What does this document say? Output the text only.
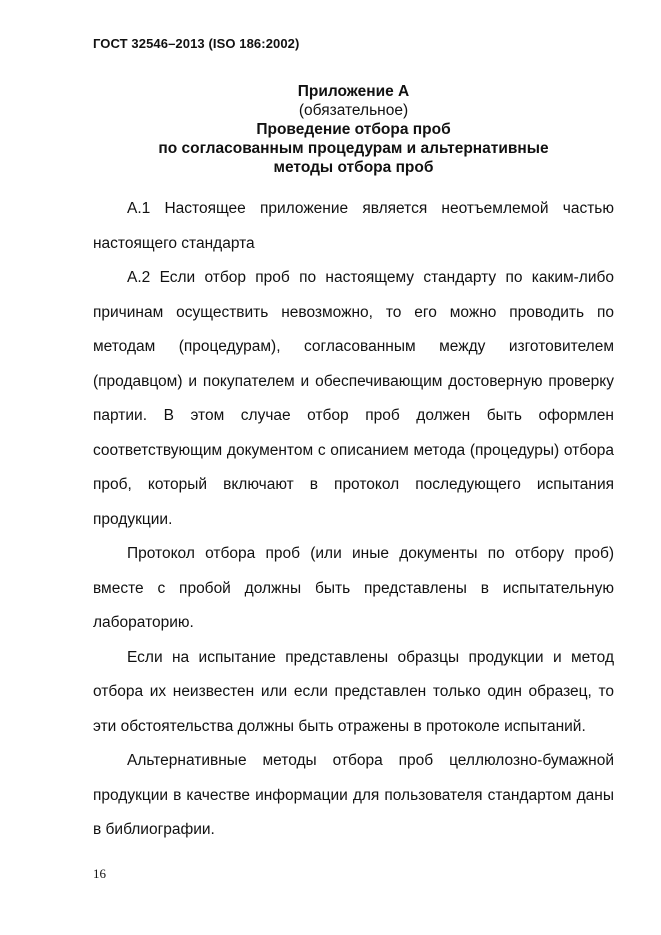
ГОСТ 32546–2013 (ISO 186:2002)
Приложение А
(обязательное)
Проведение отбора проб
по согласованным процедурам и альтернативные
методы отбора проб

А.1 Настоящее приложение является неотъемлемой частью настоящего стандарта

А.2 Если отбор проб по настоящему стандарту по каким-либо причинам осуществить невозможно, то его можно проводить по методам (процедурам), согласованным между изготовителем (продавцом) и покупателем и обеспечивающим достоверную проверку партии. В этом случае отбор проб должен быть оформлен соответствующим документом с описанием метода (процедуры) отбора проб, который включают в протокол последующего испытания продукции.

Протокол отбора проб (или иные документы по отбору проб) вместе с пробой должны быть представлены в испытательную лабораторию.

Если на испытание представлены образцы продукции и метод отбора их неизвестен или если представлен только один образец, то эти обстоятельства должны быть отражены в протоколе испытаний.

Альтернативные методы отбора проб целлюлозно-бумажной продукции в качестве информации для пользователя стандартом даны в библиографии.

16
